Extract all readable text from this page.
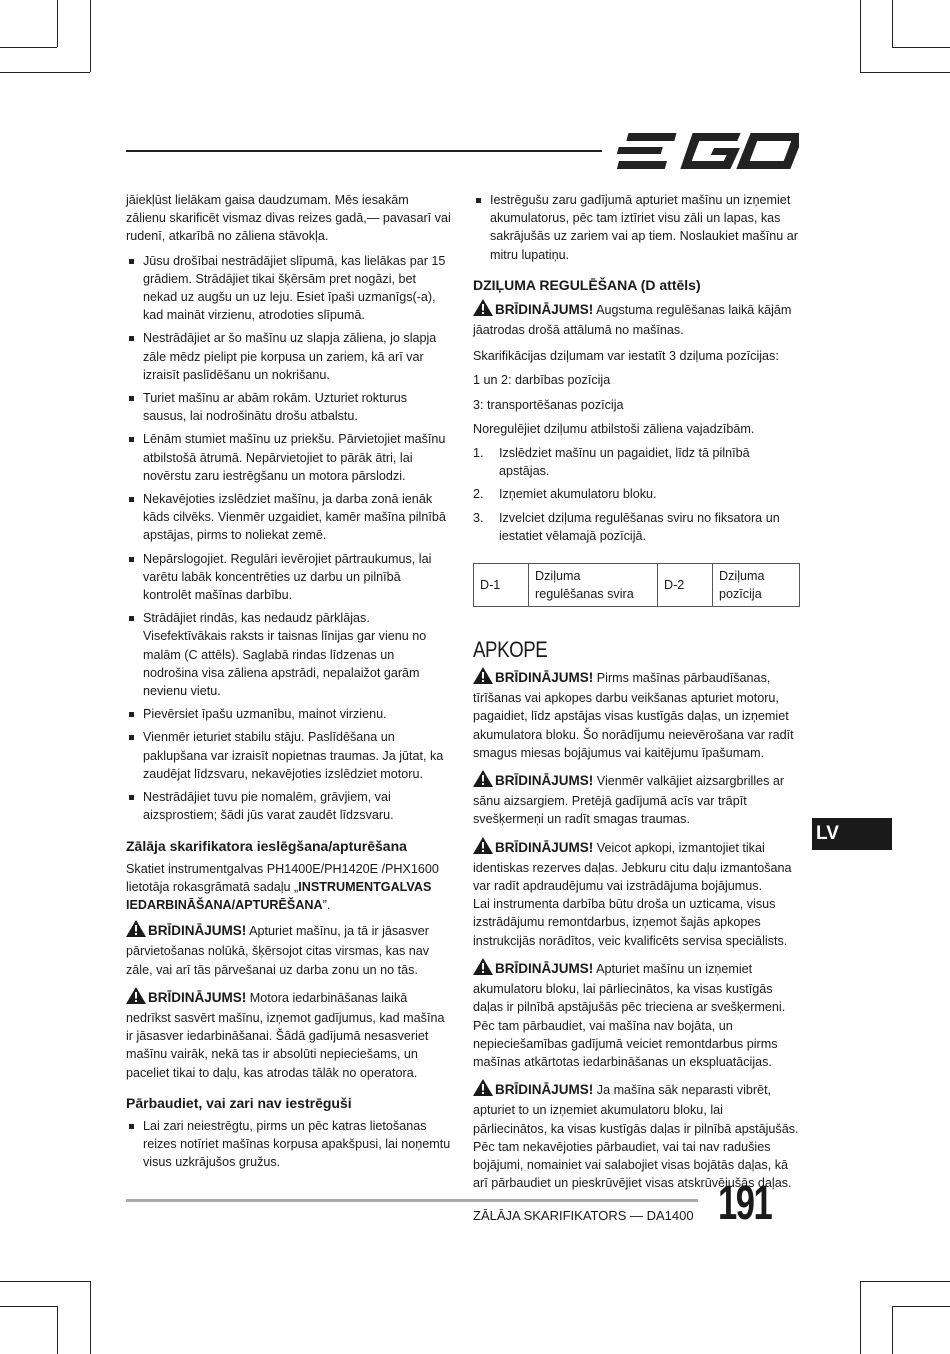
jāiekļūst lielākam gaisa daudzumam. Mēs iesakām zālienu skarificēt vismaz divas reizes gadā,— pavasarī vai rudenī, atkarībā no zāliena stāvokļa.

Jūsu drošībai nestrādājiet slīpumā, kas lielākas par 15 grādiem. Strādājiet tikai šķērsām pret nogāzi, bet nekad uz augšu un uz leju. Esiet īpaši uzmanīgs(-a), kad maināt virzienu, atrodoties slīpumā.
Nestrādājiet ar šo mašīnu uz slapja zāliena, jo slapja zāle mēdz pielipt pie korpusa un zariem, kā arī var izraisīt paslīdēšanu un nokrišanu.
Turiet mašīnu ar abām rokām. Uzturiet rokturus sausus, lai nodrošinātu drošu atbalstu.
Lēnām stumiet mašīnu uz priekšu. Pārvietojiet mašīnu atbilstošā ātrumā. Nepārvietojiet to pārāk ātri, lai novērstu zaru iestrēgšanu un motora pārslodzi.
Nekavējoties izslēdziet mašīnu, ja darba zonā ienāk kāds cilvēks. Vienmēr uzgaidiet, kamēr mašīna pilnībā apstājas, pirms to noliekat zemē.
Nepārslogojiet. Regulāri ievērojiet pārtraukumus, lai varētu labāk koncentrēties uz darbu un pilnībā kontrolēt mašīnas darbību.
Strādājiet rindās, kas nedaudz pārklājas. Visefektīvākais raksts ir taisnas līnijas gar vienu no malām (C attēls). Saglabā rindas līdzenas un nodrošina visa zāliena apstrādi, nepalaižot garām nevienu vietu.
Pievērsiet īpašu uzmanību, mainot virzienu.
Vienmēr ieturiet stabilu stāju. Paslīdēšana un paklupšana var izraisīt nopietnas traumas. Ja jūtat, ka zaudējat līdzsvaru, nekavējoties izslēdziet motoru.
Nestrādājiet tuvu pie nomalēm, grāvjiem, vai aizsprostiem; šādi jūs varat zaudēt līdzsvaru.
Zālāja skarifikatora ieslēgšana/apturēšana

Skatiet instrumentgalvas PH1400E/PH1420E /PHX1600 lietotāja rokasgrāmatā sadaļu „INSTRUMENTGALVAS IEDARBINĀŠANA/APTURĒŠANA”.

BRĪDINĀJUMS! Apturiet mašīnu, ja tā ir jāsasver pārvietošanas nolūkā, šķērsojot citas virsmas, kas nav zāle, vai arī tās pārvešanai uz darba zonu un no tās.

BRĪDINĀJUMS! Motora iedarbināšanas laikā nedrīkst sasvērt mašīnu, izņemot gadījumus, kad mašīna ir jāsasver iedarbināšanai. Šādā gadījumā nesasveriet mašīnu vairāk, nekā tas ir absolūti nepieciešams, un paceliet tikai to daļu, kas atrodas tālāk no operatora.

Pārbaudiet, vai zari nav iestrēguši
Lai zari neiestrēgtu, pirms un pēc katras lietošanas reizes notīriet mašīnas korpusa apakšpusi, lai noņemtu visus uzkrājušos gružus.
Iestrēgušu zaru gadījumā apturiet mašīnu un izņemiet akumulatorus, pēc tam iztīriet visu zāli un lapas, kas sakrājušās uz zariem vai ap tiem. Noslaukiet mašīnu ar mitru lupatiņu.
DZIĻUMA REGULĒŠANA (D attēls)

BRĪDINĀJUMS! Augstuma regulēšanas laikā kājām jāatrodas drošā attālumā no mašīnas.

Skarifikācijas dziļumam var iestatīt 3 dziļuma pozīcijas:

1 un 2: darbības pozīcija

3: transportēšanas pozīcija

Noregulējiet dziļumu atbilstoši zāliena vajadzībām.

1. Izslēdziet mašīnu un pagaidiet, līdz tā pilnībā apstājas.
2. Izņemiet akumulatoru bloku.
3. Izvelciet dziļuma regulēšanas sviru no fiksatora un iestatiet vēlamajā pozīcijā.
D-1	Dziļuma regulēšanas svira	D-2	Dziļuma pozīcija
APKOPE

BRĪDINĀJUMS! Pirms mašīnas pārbaudīšanas, tīrīšanas vai apkopes darbu veikšanas apturiet motoru, pagaidiet, līdz apstājas visas kustīgās daļas, un izņemiet akumulatora bloku. Šo norādījumu neievērošana var radīt smagus miesas bojājumus vai kaitējumu īpašumam.

BRĪDINĀJUMS! Vienmēr valkājiet aizsargbrilles ar sānu aizsargiem. Pretējā gadījumā acīs var trāpīt svešķermeņi un radīt smagas traumas.

BRĪDINĀJUMS! Veicot apkopi, izmantojiet tikai identiskas rezerves daļas. Jebkuru citu daļu izmantošana var radīt apdraudējumu vai izstrādājuma bojājumus.
Lai instrumenta darbība būtu droša un uzticama, visus izstrādājumu remontdarbus, izņemot šajās apkopes instrukcijās norādītos, veic kvalificēts servisa speciālists.

BRĪDINĀJUMS! Apturiet mašīnu un izņemiet akumulatoru bloku, lai pārliecinātos, ka visas kustīgās daļas ir pilnībā apstājušās pēc trieciena ar svešķermeni. Pēc tam pārbaudiet, vai mašīna nav bojāta, un nepieciešamības gadījumā veiciet remontdarbus pirms mašīnas atkārtotas iedarbināšanas un ekspluatācijas.

BRĪDINĀJUMS! Ja mašīna sāk neparasti vibrēt, apturiet to un izņemiet akumulatoru bloku, lai pārliecinātos, ka visas kustīgās daļas ir pilnībā apstājušās. Pēc tam nekavējoties pārbaudiet, vai tai nav radušies bojājumi, nomainiet vai salabojiet visas bojātās daļas, kā arī pārbaudiet un pieskrūvējiet visas atskrūvējušās daļas.

LV
ZĀLĀJA SKARIFIKATORS — DA1400 191
